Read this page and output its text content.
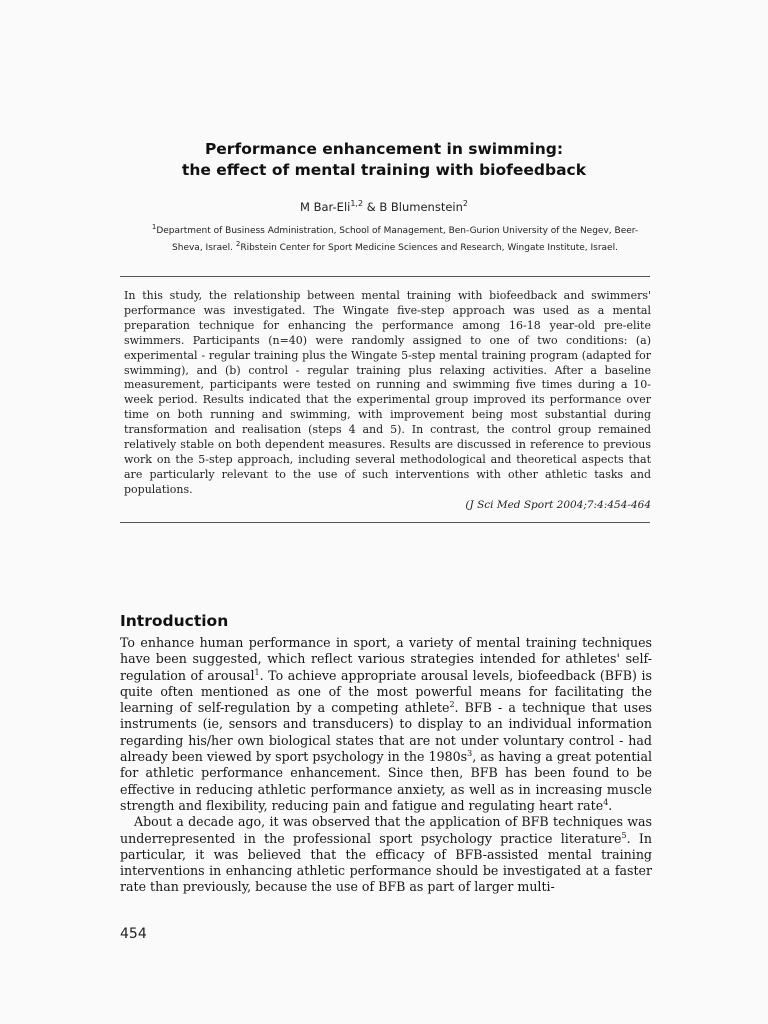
Performance enhancement in swimming:
the effect of mental training with biofeedback
M Bar-Eli$^{1,2}$ & B Blumenstein$^2$
$^1$Department of Business Administration, School of Management, Ben-Gurion University of the Negev, Beer-Sheva, Israel. $^2$Ribstein Center for Sport Medicine Sciences and Research, Wingate Institute, Israel.
In this study, the relationship between mental training with biofeedback and swimmers' performance was investigated. The Wingate five-step approach was used as a mental preparation technique for enhancing the performance among 16-18 year-old pre-elite swimmers. Participants (n=40) were randomly assigned to one of two conditions: (a) experimental - regular training plus the Wingate 5-step mental training program (adapted for swimming), and (b) control - regular training plus relaxing activities. After a baseline measurement, participants were tested on running and swimming five times during a 10-week period. Results indicated that the experimental group improved its performance over time on both running and swimming, with improvement being most substantial during transformation and realisation (steps 4 and 5). In contrast, the control group remained relatively stable on both dependent measures. Results are discussed in reference to previous work on the 5-step approach, including several methodological and theoretical aspects that are particularly relevant to the use of such interventions with other athletic tasks and populations.
(J Sci Med Sport 2004;7:4:454-464
Introduction

To enhance human performance in sport, a variety of mental training techniques have been suggested, which reflect various strategies intended for athletes' self-regulation of arousal$^1$. To achieve appropriate arousal levels, biofeedback (BFB) is quite often mentioned as one of the most powerful means for facilitating the learning of self-regulation by a competing athlete$^2$. BFB - a technique that uses instruments (ie, sensors and transducers) to display to an individual information regarding his/her own biological states that are not under voluntary control - had already been viewed by sport psychology in the $1980s^3$, as having a great potential for athletic performance enhancement. Since then, BFB has been found to be effective in reducing athletic performance anxiety, as well as in increasing muscle strength and flexibility, reducing pain and fatigue and regulating heart rate$^4$.

About a decade ago, it was observed that the application of BFB techniques was underrepresented in the professional sport psychology practice literature$^5$. In particular, it was believed that the efficacy of BFB-assisted mental training interventions in enhancing athletic performance should be investigated at a faster rate than previously, because the use of BFB as part of larger multi-

454
